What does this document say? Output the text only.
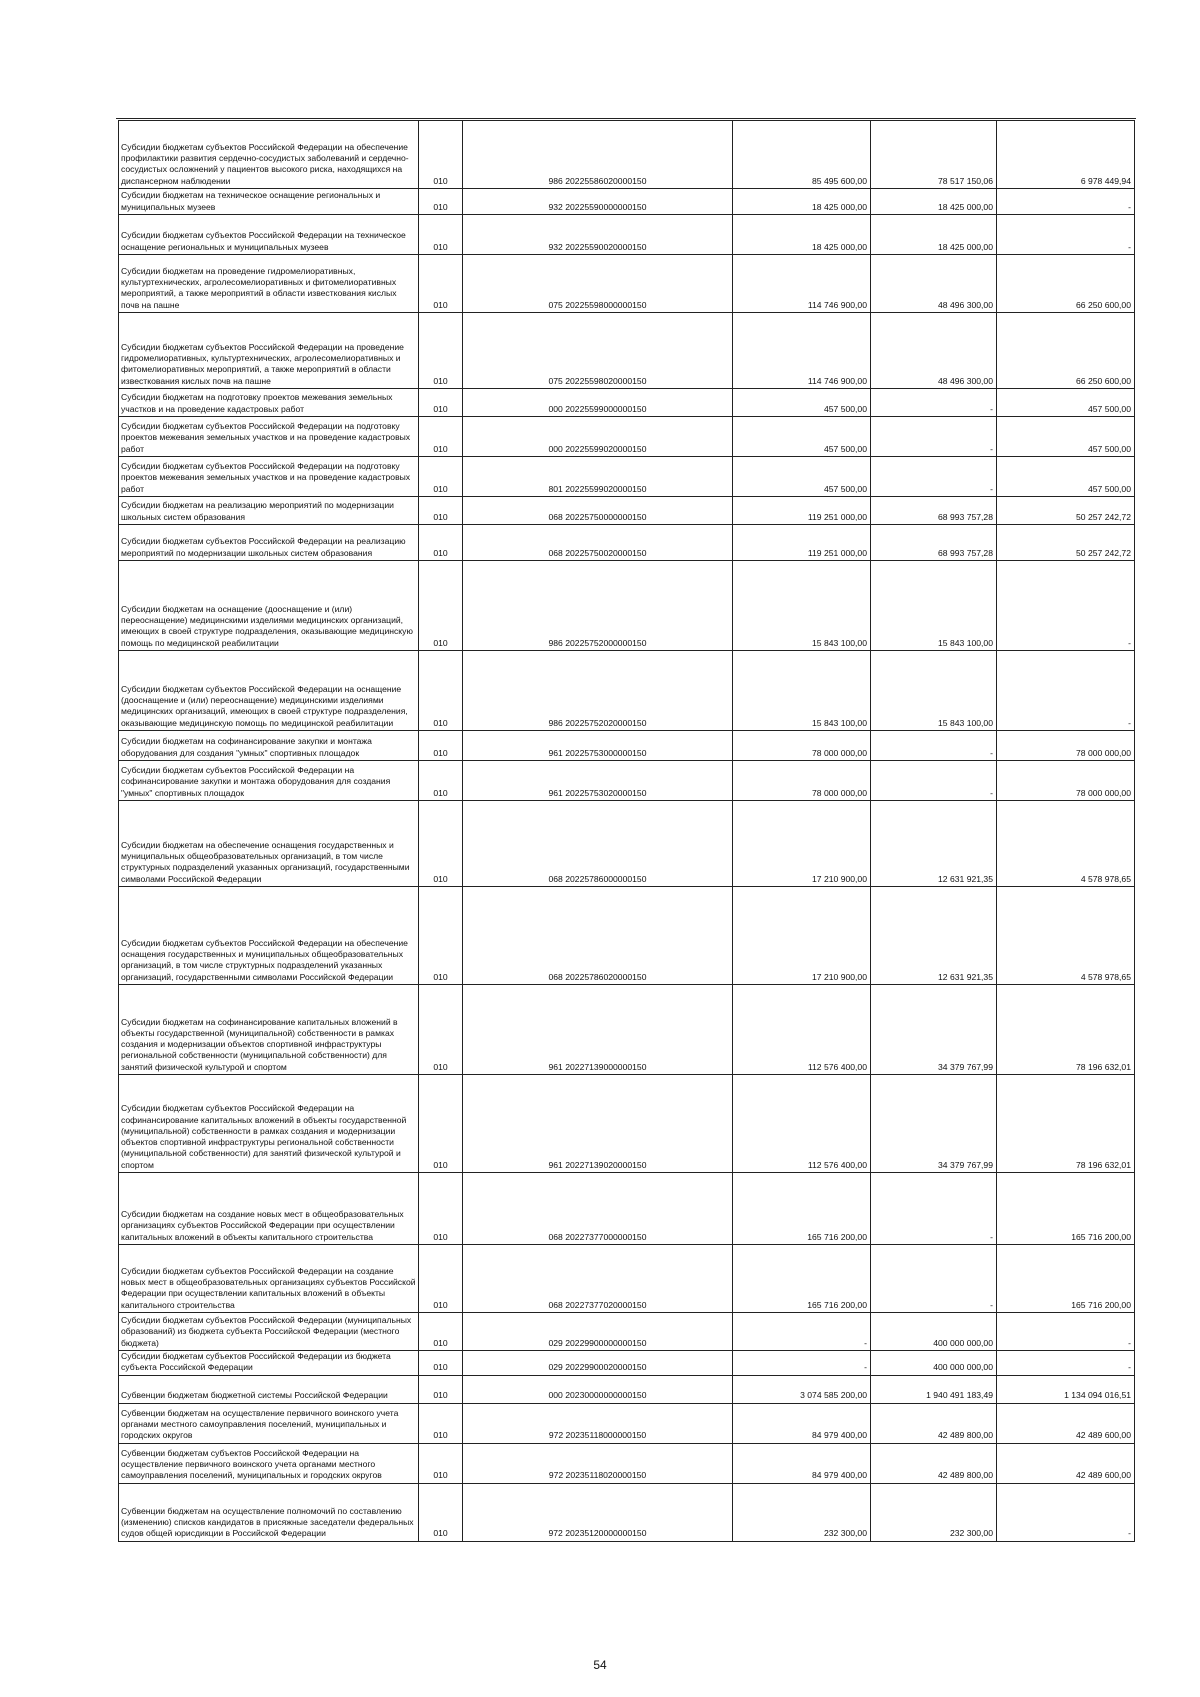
Субсидии бюджетам субъектов Российской Федерации на обеспечение профилактики развития сердечно-сосудистых заболеваний и сердечно-сосудистых осложнений у пациентов высокого риска, находящихся на диспансерном наблюдении	010	986 20225586020000150	85 495 600,00	78 517 150,06	6 978 449,94
Субсидии бюджетам на техническое оснащение региональных и муниципальных музеев	010	932 20225590000000150	18 425 000,00	18 425 000,00	-
Субсидии бюджетам субъектов Российской Федерации на техническое оснащение региональных и муниципальных музеев	010	932 20225590020000150	18 425 000,00	18 425 000,00	-
Субсидии бюджетам на проведение гидромелиоративных, культуртехнических, агролесомелиоративных и фитомелиоративных мероприятий, а также мероприятий в области известкования кислых почв на пашне	010	075 20225598000000150	114 746 900,00	48 496 300,00	66 250 600,00
Субсидии бюджетам субъектов Российской Федерации на проведение гидромелиоративных, культуртехнических, агролесомелиоративных и фитомелиоративных мероприятий, а также мероприятий в области известкования кислых почв на пашне	010	075 20225598020000150	114 746 900,00	48 496 300,00	66 250 600,00
Субсидии бюджетам на подготовку проектов межевания земельных участков и на проведение кадастровых работ	010	000 20225599000000150	457 500,00	-	457 500,00
Субсидии бюджетам субъектов Российской Федерации на подготовку проектов межевания земельных участков и на проведение кадастровых работ	010	000 20225599020000150	457 500,00	-	457 500,00
Субсидии бюджетам субъектов Российской Федерации на подготовку проектов межевания земельных участков и на проведение кадастровых работ	010	801 20225599020000150	457 500,00	-	457 500,00
Субсидии бюджетам на реализацию мероприятий по модернизации школьных систем образования	010	068 20225750000000150	119 251 000,00	68 993 757,28	50 257 242,72
Субсидии бюджетам субъектов Российской Федерации на реализацию мероприятий по модернизации школьных систем образования	010	068 20225750020000150	119 251 000,00	68 993 757,28	50 257 242,72
Субсидии бюджетам на оснащение (дооснащение и (или) переоснащение) медицинскими изделиями медицинских организаций, имеющих в своей структуре подразделения, оказывающие медицинскую помощь по медицинской реабилитации	010	986 20225752000000150	15 843 100,00	15 843 100,00	-
Субсидии бюджетам субъектов Российской Федерации на оснащение (дооснащение и (или) переоснащение) медицинскими изделиями медицинских организаций, имеющих в своей структуре подразделения, оказывающие медицинскую помощь по медицинской реабилитации	010	986 20225752020000150	15 843 100,00	15 843 100,00	-
Субсидии бюджетам на софинансирование закупки и монтажа оборудования для создания "умных" спортивных площадок	010	961 20225753000000150	78 000 000,00	-	78 000 000,00
Субсидии бюджетам субъектов Российской Федерации на софинансирование закупки и монтажа оборудования для создания "умных" спортивных площадок	010	961 20225753020000150	78 000 000,00	-	78 000 000,00
Субсидии бюджетам на обеспечение оснащения государственных и муниципальных общеобразовательных организаций, в том числе структурных подразделений указанных организаций, государственными символами Российской Федерации	010	068 20225786000000150	17 210 900,00	12 631 921,35	4 578 978,65
Субсидии бюджетам субъектов Российской Федерации на обеспечение оснащения государственных и муниципальных общеобразовательных организаций, в том числе структурных подразделений указанных организаций, государственными символами Российской Федерации	010	068 20225786020000150	17 210 900,00	12 631 921,35	4 578 978,65
Субсидии бюджетам на софинансирование капитальных вложений в объекты государственной (муниципальной) собственности в рамках создания и модернизации объектов спортивной инфраструктуры региональной собственности (муниципальной собственности) для занятий физической культурой и спортом	010	961 20227139000000150	112 576 400,00	34 379 767,99	78 196 632,01
Субсидии бюджетам субъектов Российской Федерации на софинансирование капитальных вложений в объекты государственной (муниципальной) собственности в рамках создания и модернизации объектов спортивной инфраструктуры региональной собственности (муниципальной собственности) для занятий физической культурой и спортом	010	961 20227139020000150	112 576 400,00	34 379 767,99	78 196 632,01
Субсидии бюджетам на создание новых мест в общеобразовательных организациях субъектов Российской Федерации при осуществлении капитальных вложений в объекты капитального строительства	010	068 20227377000000150	165 716 200,00	-	165 716 200,00
Субсидии бюджетам субъектов Российской Федерации на создание новых мест в общеобразовательных организациях субъектов Российской Федерации при осуществлении капитальных вложений в объекты капитального строительства	010	068 20227377020000150	165 716 200,00	-	165 716 200,00
Субсидии бюджетам субъектов Российской Федерации (муниципальных образований) из бюджета субъекта Российской Федерации (местного бюджета)	010	029 20229900000000150	-	400 000 000,00	-
Субсидии бюджетам субъектов Российской Федерации из бюджета субъекта Российской Федерации	010	029 20229900020000150	-	400 000 000,00	-
Субвенции бюджетам бюджетной системы Российской Федерации	010	000 20230000000000150	3 074 585 200,00	1 940 491 183,49	1 134 094 016,51
Субвенции бюджетам на осуществление первичного воинского учета органами местного самоуправления поселений, муниципальных и городских округов	010	972 20235118000000150	84 979 400,00	42 489 800,00	42 489 600,00
Субвенции бюджетам субъектов Российской Федерации на осуществление первичного воинского учета органами местного самоуправления поселений, муниципальных и городских округов	010	972 20235118020000150	84 979 400,00	42 489 800,00	42 489 600,00
Субвенции бюджетам на осуществление полномочий по составлению (изменению) списков кандидатов в присяжные заседатели федеральных судов общей юрисдикции в Российской Федерации	010	972 20235120000000150	232 300,00	232 300,00	-
54
